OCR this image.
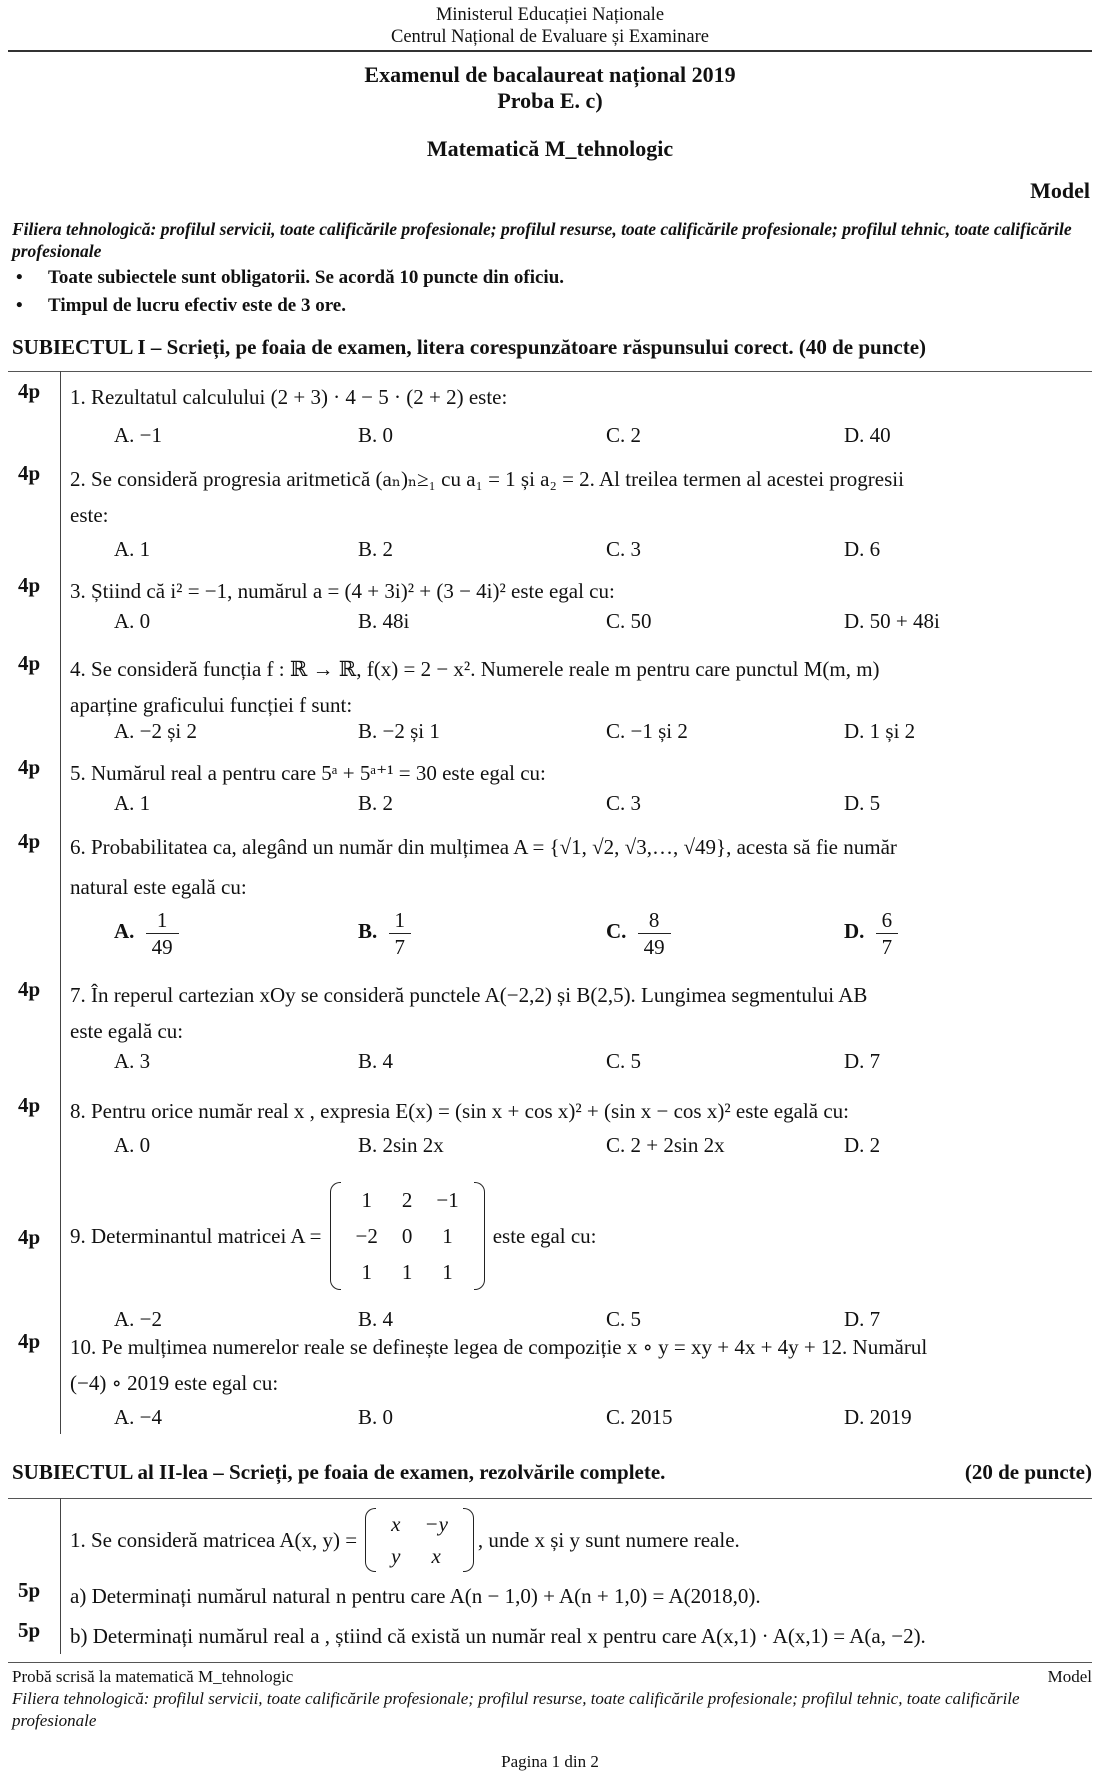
Ministerul Educației Naționale
Centrul Național de Evaluare și Examinare
Examenul de bacalaureat național 2019
Proba E. c)
Matematică M_tehnologic
Model
Filiera tehnologică: profilul servicii, toate calificările profesionale; profilul resurse, toate calificările profesionale; profilul tehnic, toate calificările profesionale
• Toate subiectele sunt obligatorii. Se acordă 10 puncte din oficiu.
• Timpul de lucru efectiv este de 3 ore.
SUBIECTUL I – Scrieți, pe foaia de examen, litera corespunzătoare răspunsului corect. (40 de puncte)
4p 1. Rezultatul calculului (2 + 3) · 4 − 5 · (2 + 2) este:
A. −1	B. 0	C. 2	D. 40
4p 2. Se consideră progresia aritmetică (aₙ)ₙ≥₁ cu a₁ = 1 și a₂ = 2. Al treilea termen al acestei progresii
este:
A. 1	B. 2	C. 3	D. 6
4p 3. Știind că i² = −1, numărul a = (4 + 3i)² + (3 − 4i)² este egal cu:
A. 0	B. 48i	C. 50	D. 50 + 48i
4p 4. Se consideră funcția f : ℝ → ℝ, f(x) = 2 − x². Numerele reale m pentru care punctul M(m, m)
aparține graficului funcției f sunt:
A. −2 și 2	B. −2 și 1	C. −1 și 2	D. 1 și 2
4p 5. Numărul real a pentru care 5ᵃ + 5ᵃ⁺¹ = 30 este egal cu:
A. 1	B. 2	C. 3	D. 5
4p 6. Probabilitatea ca, alegând un număr din mulțimea A = {√1, √2, √3,…, √49}, acesta să fie număr
natural este egală cu:
A. $\frac{1}{49}$	B. $\frac{1}{7}$	C. $\frac{8}{49}$	D. $\frac{6}{7}$
4p 7. În reperul cartezian xOy se consideră punctele A(−2,2) și B(2,5). Lungimea segmentului AB
este egală cu:
A. 3	B. 4	C. 5	D. 7
4p 8. Pentru orice număr real x , expresia E(x) = (sin x + cos x)² + (sin x − cos x)² este egală cu:
A. 0	B. 2sin 2x	C. 2 + 2sin 2x	D. 2
4p 9. Determinantul matricei A =
1	2	−1
−2	0	1
1	1	1
este egal cu:
A. −2	B. 4	C. 5	D. 7
4p 10. Pe mulțimea numerelor reale se definește legea de compoziție x ∘ y = xy + 4x + 4y + 12. Numărul
(−4) ∘ 2019 este egal cu:
A. −4	B. 0	C. 2015	D. 2019
SUBIECTUL al II-lea – Scrieți, pe foaia de examen, rezolvările complete.	(20 de puncte)
1. Se consideră matricea A(x, y) =
x	−y
y	x
, unde x și y sunt numere reale.
5p a) Determinați numărul natural n pentru care A(n − 1,0) + A(n + 1,0) = A(2018,0).
5p b) Determinați numărul real a , știind că există un număr real x pentru care A(x,1) · A(x,1) = A(a, −2).
Probă scrisă la matematică M_tehnologic	Model
Filiera tehnologică: profilul servicii, toate calificările profesionale; profilul resurse, toate calificările profesionale; profilul tehnic, toate calificările profesionale
Pagina 1 din 2
